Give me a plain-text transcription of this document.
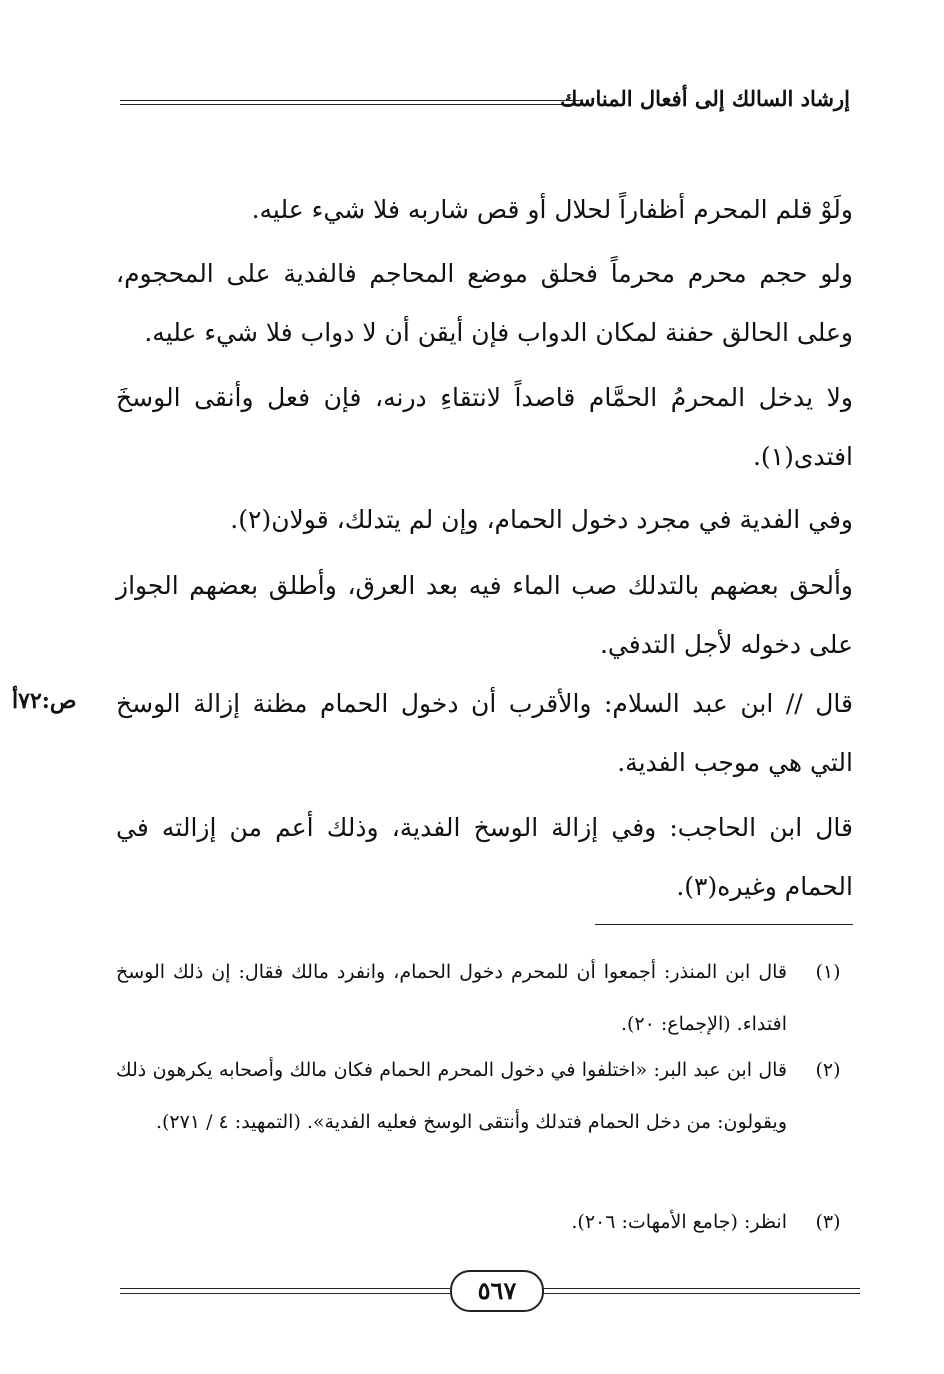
إرشاد السالك إلى أفعال المناسك
ولَوْ قلم المحرم أظفاراً لحلال أو قص شاربه فلا شيء عليه.
ولو حجم محرم محرماً فحلق موضع المحاجم فالفدية على المحجوم، وعلى الحالق حفنة لمكان الدواب فإن أيقن أن لا دواب فلا شيء عليه.
ولا يدخل المحرمُ الحمَّام قاصداً لانتقاءِ درنه، فإن فعل وأنقى الوسخَ افتدى(١).
وفي الفدية في مجرد دخول الحمام، وإن لم يتدلك، قولان(٢).
وألحق بعضهم بالتدلك صب الماء فيه بعد العرق، وأطلق بعضهم الجواز على دخوله لأجل التدفي.
قال // ابن عبد السلام: والأقرب أن دخول الحمام مظنة إزالة الوسخ التي هي موجب الفدية.
قال ابن الحاجب: وفي إزالة الوسخ الفدية، وذلك أعم من إزالته في الحمام وغيره(٣).
ص:٧٢أ
(١)
قال ابن المنذر: أجمعوا أن للمحرم دخول الحمام، وانفرد مالك فقال: إن ذلك الوسخ افتداء. (الإجماع: ٢٠).
(٢)
قال ابن عبد البر: «اختلفوا في دخول المحرم الحمام فكان مالك وأصحابه يكرهون ذلك ويقولون: من دخل الحمام فتدلك وأنتقى الوسخ فعليه الفدية». (التمهيد: ٤ / ٢٧١).
(٣)
انظر: (جامع الأمهات: ٢٠٦).
٥٦٧
